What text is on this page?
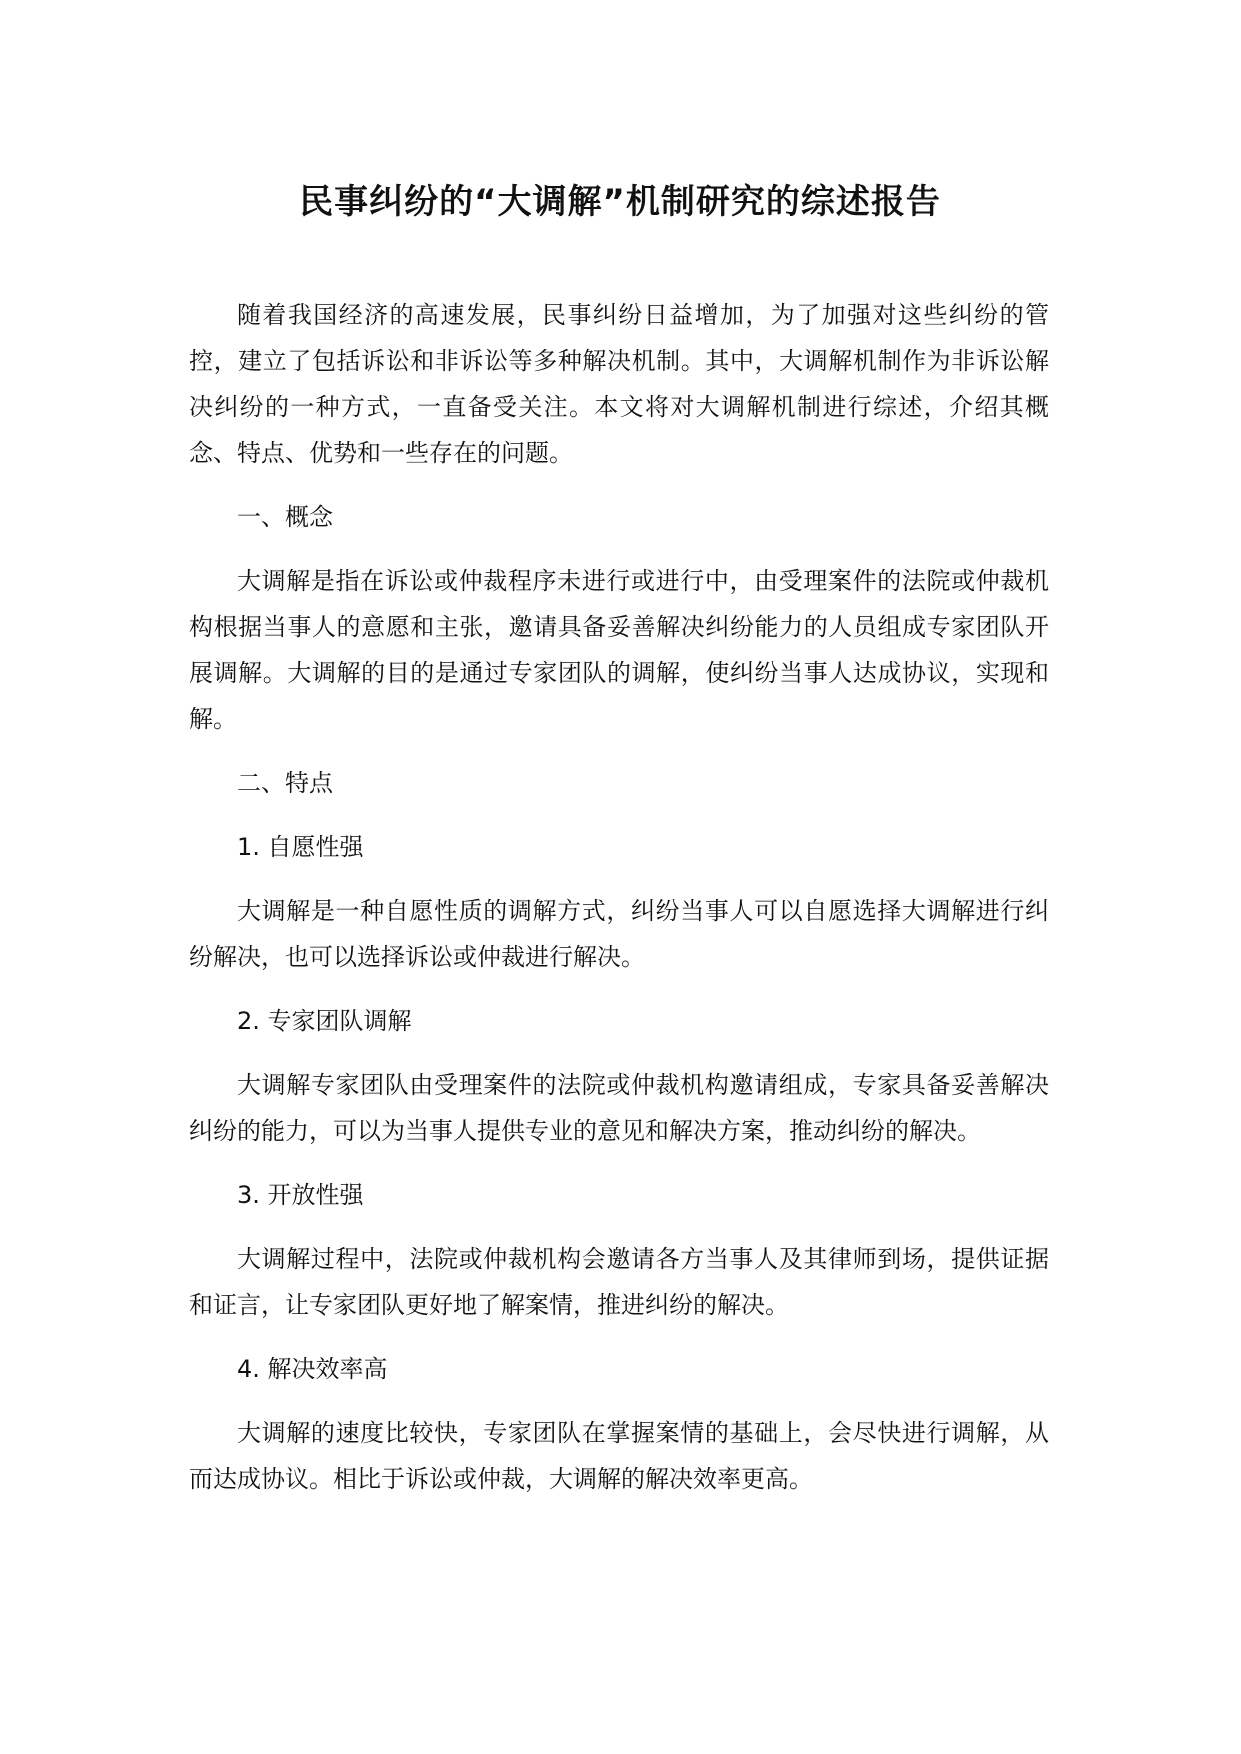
民事纠纷的“大调解”机制研究的综述报告

随着我国经济的高速发展，民事纠纷日益增加，为了加强对这些纠纷的管控，建立了包括诉讼和非诉讼等多种解决机制。其中，大调解机制作为非诉讼解决纠纷的一种方式，一直备受关注。本文将对大调解机制进行综述，介绍其概念、特点、优势和一些存在的问题。

一、概念

大调解是指在诉讼或仲裁程序未进行或进行中，由受理案件的法院或仲裁机构根据当事人的意愿和主张，邀请具备妥善解决纠纷能力的人员组成专家团队开展调解。大调解的目的是通过专家团队的调解，使纠纷当事人达成协议，实现和解。

二、特点

1. 自愿性强

大调解是一种自愿性质的调解方式，纠纷当事人可以自愿选择大调解进行纠纷解决，也可以选择诉讼或仲裁进行解决。

2. 专家团队调解

大调解专家团队由受理案件的法院或仲裁机构邀请组成，专家具备妥善解决纠纷的能力，可以为当事人提供专业的意见和解决方案，推动纠纷的解决。

3. 开放性强

大调解过程中，法院或仲裁机构会邀请各方当事人及其律师到场，提供证据和证言，让专家团队更好地了解案情，推进纠纷的解决。

4. 解决效率高

大调解的速度比较快，专家团队在掌握案情的基础上，会尽快进行调解，从而达成协议。相比于诉讼或仲裁，大调解的解决效率更高。
